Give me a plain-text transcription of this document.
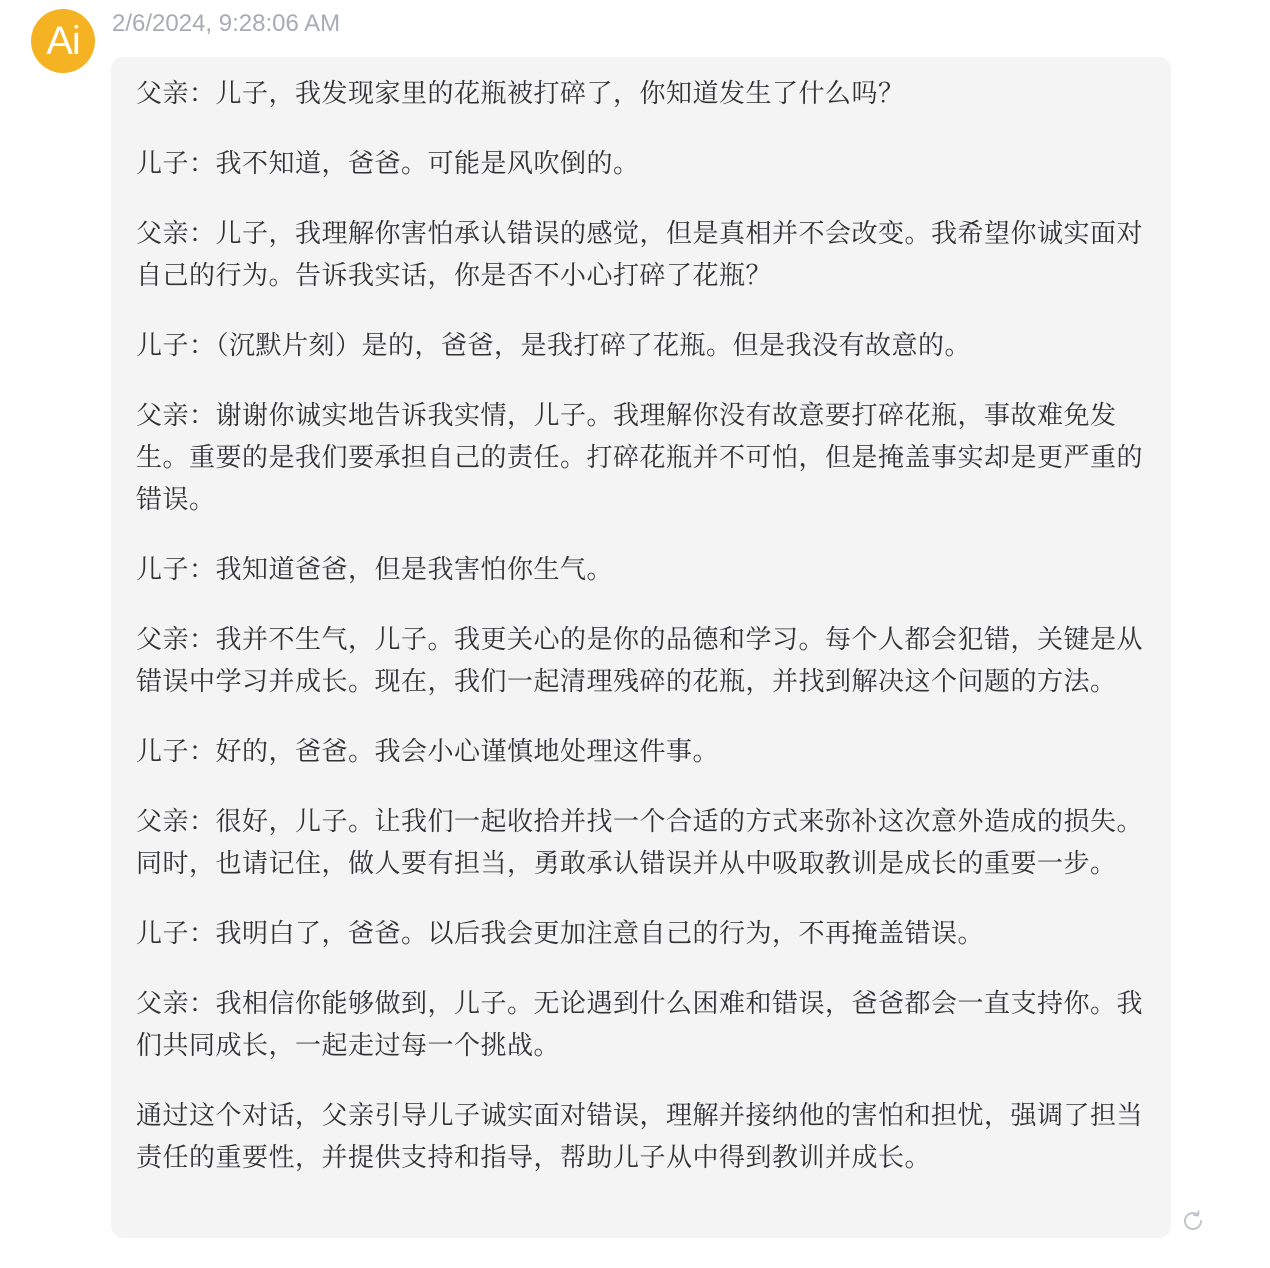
Ai 2/6/2024, 9:28:06 AM

父亲：儿子，我发现家里的花瓶被打碎了，你知道发生了什么吗？

儿子：我不知道，爸爸。可能是风吹倒的。

父亲：儿子，我理解你害怕承认错误的感觉，但是真相并不会改变。我希望你诚实面对自己的行为。告诉我实话，你是否不小心打碎了花瓶？

儿子：（沉默片刻）是的，爸爸，是我打碎了花瓶。但是我没有故意的。

父亲：谢谢你诚实地告诉我实情，儿子。我理解你没有故意要打碎花瓶，事故难免发生。重要的是我们要承担自己的责任。打碎花瓶并不可怕，但是掩盖事实却是更严重的错误。

儿子：我知道爸爸，但是我害怕你生气。

父亲：我并不生气，儿子。我更关心的是你的品德和学习。每个人都会犯错，关键是从错误中学习并成长。现在，我们一起清理残碎的花瓶，并找到解决这个问题的方法。

儿子：好的，爸爸。我会小心谨慎地处理这件事。

父亲：很好，儿子。让我们一起收拾并找一个合适的方式来弥补这次意外造成的损失。同时，也请记住，做人要有担当，勇敢承认错误并从中吸取教训是成长的重要一步。

儿子：我明白了，爸爸。以后我会更加注意自己的行为，不再掩盖错误。

父亲：我相信你能够做到，儿子。无论遇到什么困难和错误，爸爸都会一直支持你。我们共同成长，一起走过每一个挑战。

通过这个对话，父亲引导儿子诚实面对错误，理解并接纳他的害怕和担忧，强调了担当责任的重要性，并提供支持和指导，帮助儿子从中得到教训并成长。
